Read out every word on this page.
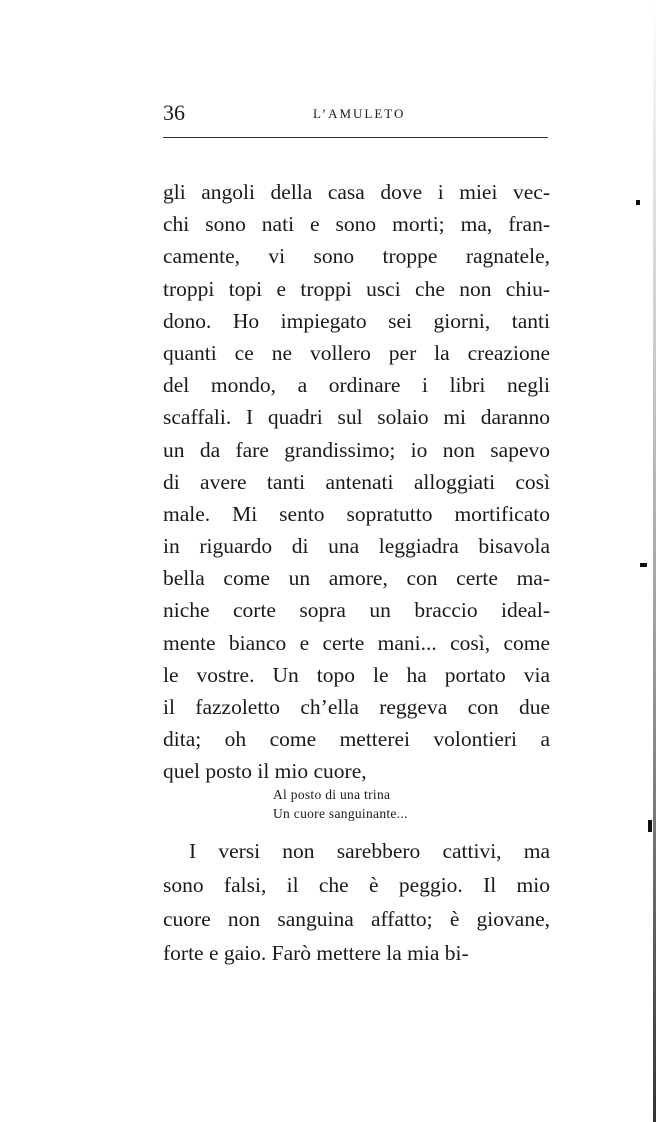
36	L’AMULETO
gli angoli della casa dove i miei vec-
chi sono nati e sono morti; ma, fran-
camente, vi sono troppe ragnatele,
troppi topi e troppi usci che non chiu-
dono. Ho impiegato sei giorni, tanti
quanti ce ne vollero per la creazione
del mondo, a ordinare i libri negli
scaffali. I quadri sul solaio mi daranno
un da fare grandissimo; io non sapevo
di avere tanti antenati alloggiati così
male. Mi sento sopratutto mortificato
in riguardo di una leggiadra bisavola
bella come un amore, con certe ma-
niche corte sopra un braccio ideal-
mente bianco e certe mani... così, come
le vostre. Un topo le ha portato via
il fazzoletto ch’ella reggeva con due
dita; oh come metterei volontieri a
quel posto il mio cuore,
Al posto di una trina
Un cuore sanguinante...
I versi non sarebbero cattivi, ma
sono falsi, il che è peggio. Il mio
cuore non sanguina affatto; è giovane,
forte e gaio. Farò mettere la mia bi-
